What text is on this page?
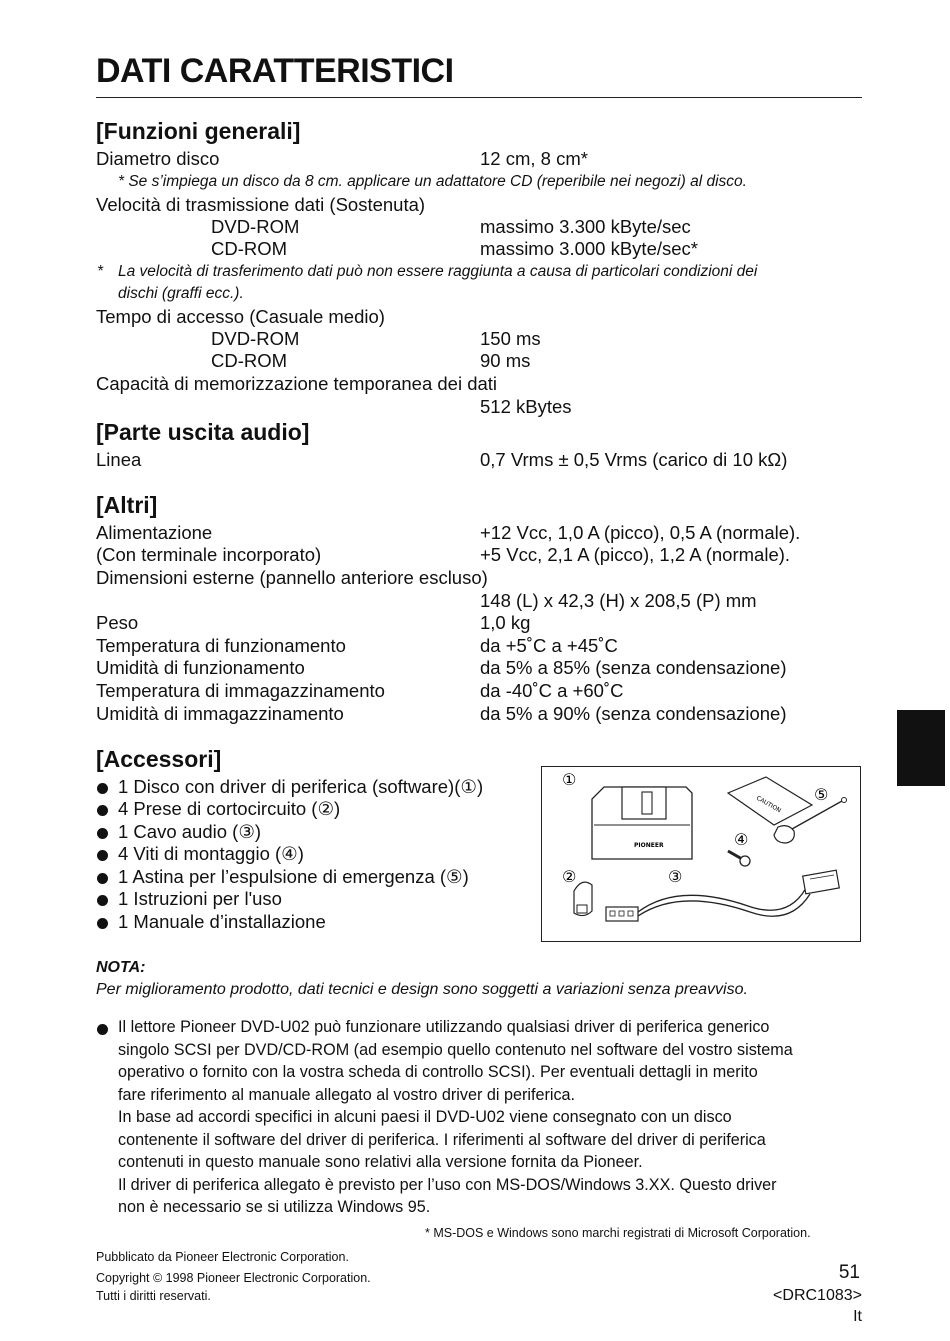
DATI CARATTERISTICI
[Funzioni generali]
Diametro disco	12 cm, 8 cm*
* Se s’impiega un disco da 8 cm. applicare un adattatore CD (reperibile nei negozi) al disco.
Velocità di trasmissione dati (Sostenuta)
DVD-ROM	massimo 3.300 kByte/sec
CD-ROM	massimo 3.000 kByte/sec*
* La velocità di trasferimento dati può non essere raggiunta a causa di particolari condizioni dei
dischi (graffi ecc.).
Tempo di accesso (Casuale medio)
DVD-ROM	150 ms
CD-ROM	90 ms
Capacità di memorizzazione temporanea dei dati
512 kBytes
[Parte uscita audio]
Linea	0,7 Vrms ± 0,5 Vrms (carico di 10 kΩ)
[Altri]
Alimentazione	+12 Vcc, 1,0 A (picco), 0,5 A (normale).
(Con terminale incorporato)	+5 Vcc, 2,1 A (picco), 1,2 A (normale).
Dimensioni esterne (pannello anteriore escluso)
148 (L) x 42,3 (H) x 208,5 (P) mm
Peso	1,0 kg
Temperatura di funzionamento	da +5˚C a +45˚C
Umidità di funzionamento	da 5% a 85% (senza condensazione)
Temperatura di immagazzinamento	da -40˚C a +60˚C
Umidità di immagazzinamento	da 5% a 90% (senza condensazione)
[Accessori]
1 Disco con driver di periferica (software)(①)
4 Prese di cortocircuito (②)
1 Cavo audio (③)
4 Viti di montaggio (④)
1 Astina per l’espulsione di emergenza (⑤)
1 Istruzioni per l'uso
1 Manuale d’installazione
①
⑤
④
②	③
PIONEER
CAUTION
NOTA:
Per miglioramento prodotto, dati tecnici e design sono soggetti a variazioni senza preavviso.
Il lettore Pioneer DVD-U02 può funzionare utilizzando qualsiasi driver di periferica generico
singolo SCSI per DVD/CD-ROM (ad esempio quello contenuto nel software del vostro sistema
operativo o fornito con la vostra scheda di controllo SCSI). Per eventuali dettagli in merito
fare riferimento al manuale allegato al vostro driver di periferica.
In base ad accordi specifici in alcuni paesi il DVD-U02 viene consegnato con un disco
contenente il software del driver di periferica. I riferimenti al software del driver di periferica
contenuti in questo manuale sono relativi alla versione fornita da Pioneer.
Il driver di periferica allegato è previsto per l’uso con MS-DOS/Windows 3.XX. Questo driver
non è necessario se si utilizza Windows 95.
* MS-DOS e Windows sono marchi registrati di Microsoft Corporation.
Pubblicato da Pioneer Electronic Corporation.
Copyright © 1998 Pioneer Electronic Corporation.
Tutti i diritti reservati.
51
<DRC1083>
It
